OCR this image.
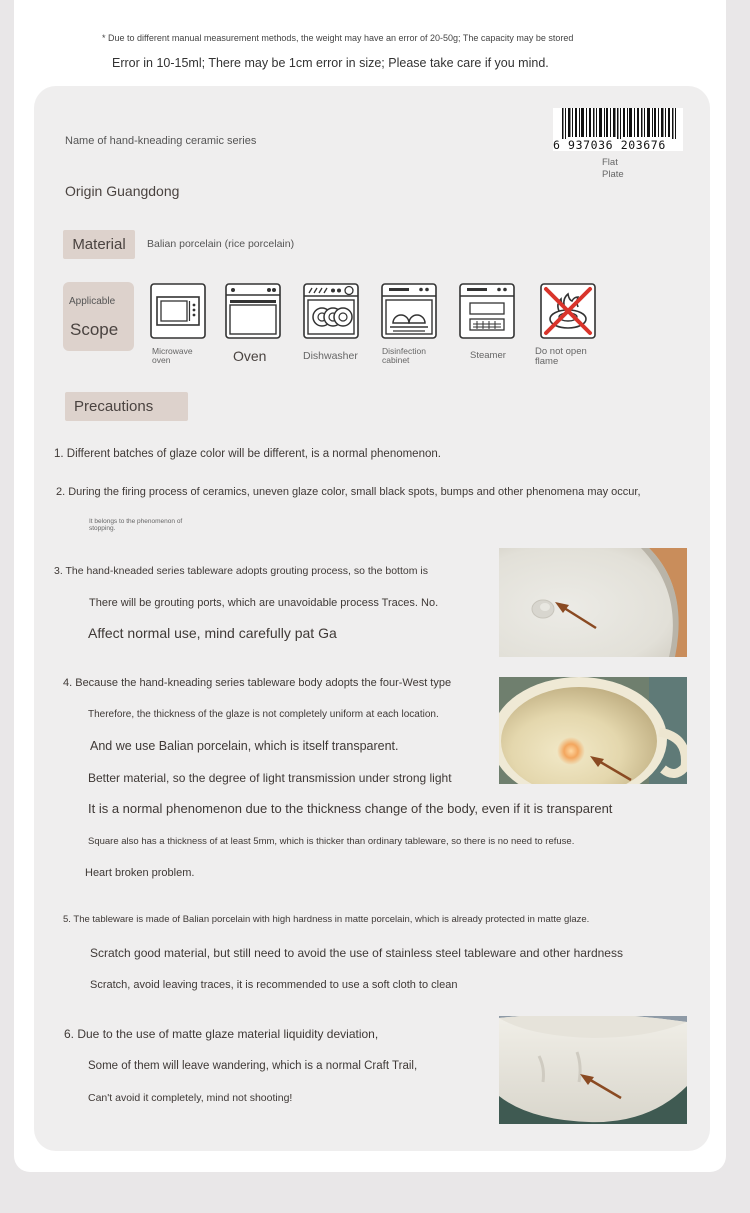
* Due to different manual measurement methods, the weight may have an error of 20-50g; The capacity may be stored
Error in 10-15ml; There may be 1cm error in size; Please take care if you mind.
Name of hand-kneading ceramic series
Origin Guangdong
6 937036 203676
Flat
Plate
Material	Balian porcelain (rice porcelain)
Applicable
Scope
Microwave
oven	Oven	Dishwasher	Disinfection
cabinet	Steamer	Do not open
flame
Precautions
1. Different batches of glaze color will be different, is a normal phenomenon.
2. During the firing process of ceramics, uneven glaze color, small black spots, bumps and other phenomena may occur,
It belongs to the phenomenon of
stopping.
3. The hand-kneaded series tableware adopts grouting process, so the bottom is
There will be grouting ports, which are unavoidable process Traces. No.
Affect normal use, mind carefully pat Ga
4. Because the hand-kneading series tableware body adopts the four-West type
Therefore, the thickness of the glaze is not completely uniform at each location.
And we use Balian porcelain, which is itself transparent.
Better material, so the degree of light transmission under strong light
It is a normal phenomenon due to the thickness change of the body, even if it is transparent
Square also has a thickness of at least 5mm, which is thicker than ordinary tableware, so there is no need to refuse.
Heart broken problem.
5. The tableware is made of Balian porcelain with high hardness in matte porcelain, which is already protected in matte glaze.
Scratch good material, but still need to avoid the use of stainless steel tableware and other hardness
Scratch, avoid leaving traces, it is recommended to use a soft cloth to clean
6. Due to the use of matte glaze material liquidity deviation,
Some of them will leave wandering, which is a normal Craft Trail,
Can't avoid it completely, mind not shooting!
